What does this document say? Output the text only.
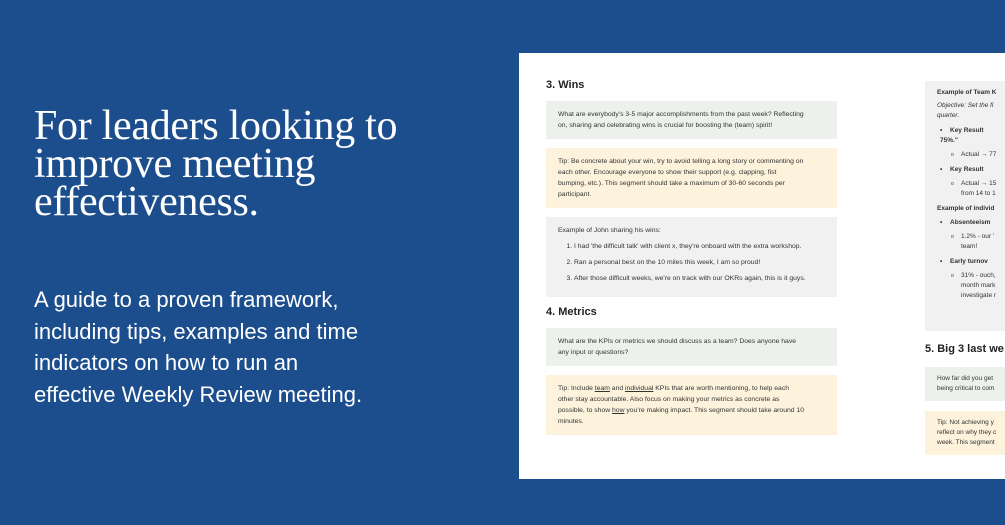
For leaders looking to
improve meeting
effectiveness.

A guide to a proven framework,
including tips, examples and time
indicators on how to run an
effective Weekly Review meeting.

3. Wins
What are everybody's 3-5 major accomplishments from the past week? Reflecting
on, sharing and celebrating wins is crucial for boosting the (team) spirit!
Tip: Be concrete about your win, try to avoid telling a long story or commenting on
each other. Encourage everyone to show their support (e.g. clapping, fist
bumping, etc.). This segment should take a maximum of 30-60 seconds per
participant.
Example of John sharing his wins:
1. I had 'the difficult talk' with client x, they're onboard with the extra workshop.
2. Ran a personal best on the 10 miles this week, I am so proud!
3. After those difficult weeks, we're on track with our OKRs again, this is it guys.
4. Metrics
What are the KPIs or metrics we should discuss as a team? Does anyone have
any input or questions?
Tip: Include team and individual KPIs that are worth mentioning, to help each
other stay accountable. Also focus on making your metrics as concrete as
possible, to show how you're making impact. This segment should take around 10
minutes.
Example of Team K
Objective: Set the fi
quarter.
• Key Result
75%."
o Actual → 77
• Key Result
o Actual → 15
from 14 to 1
Example of individ
• Absenteeism
o 1.2% - our '
team!
• Early turnov
o 31% - ouch,
month mark
investigate r
5. Big 3 last we
How far did you get
being critical to com
Tip: Not achieving y
reflect on why they c
week. This segment
